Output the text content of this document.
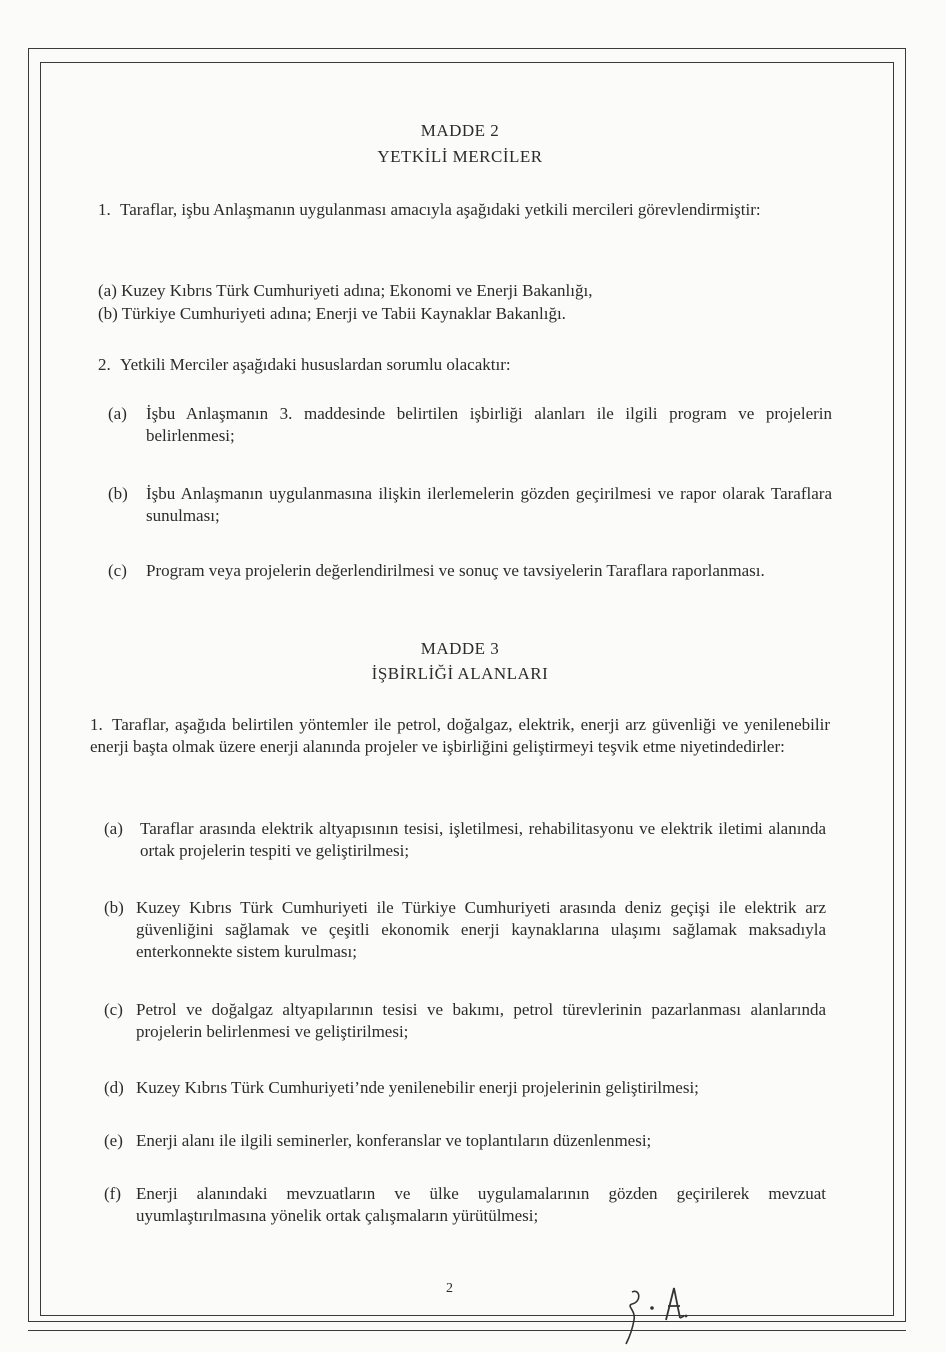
MADDE 2
YETKİLİ MERCİLER
1. Taraflar, işbu Anlaşmanın uygulanması amacıyla aşağıdaki yetkili mercileri görevlendirmiştir:
(a) Kuzey Kıbrıs Türk Cumhuriyeti adına; Ekonomi ve Enerji Bakanlığı,
(b) Türkiye Cumhuriyeti adına; Enerji ve Tabii Kaynaklar Bakanlığı.
2. Yetkili Merciler aşağıdaki hususlardan sorumlu olacaktır:
(a) İşbu Anlaşmanın 3. maddesinde belirtilen işbirliği alanları ile ilgili program ve projelerin belirlenmesi;
(b) İşbu Anlaşmanın uygulanmasına ilişkin ilerlemelerin gözden geçirilmesi ve rapor olarak Taraflara sunulması;
(c) Program veya projelerin değerlendirilmesi ve sonuç ve tavsiyelerin Taraflara raporlanması.
MADDE 3
İŞBİRLİĞİ ALANLARI
1. Taraflar, aşağıda belirtilen yöntemler ile petrol, doğalgaz, elektrik, enerji arz güvenliği ve yenilenebilir enerji başta olmak üzere enerji alanında projeler ve işbirliğini geliştirmeyi teşvik etme niyetindedirler:
(a) Taraflar arasında elektrik altyapısının tesisi, işletilmesi, rehabilitasyonu ve elektrik iletimi alanında ortak projelerin tespiti ve geliştirilmesi;
(b) Kuzey Kıbrıs Türk Cumhuriyeti ile Türkiye Cumhuriyeti arasında deniz geçişi ile elektrik arz güvenliğini sağlamak ve çeşitli ekonomik enerji kaynaklarına ulaşımı sağlamak maksadıyla enterkonnekte sistem kurulması;
(c) Petrol ve doğalgaz altyapılarının tesisi ve bakımı, petrol türevlerinin pazarlanması alanlarında projelerin belirlenmesi ve geliştirilmesi;
(d) Kuzey Kıbrıs Türk Cumhuriyeti’nde yenilenebilir enerji projelerinin geliştirilmesi;
(e) Enerji alanı ile ilgili seminerler, konferanslar ve toplantıların düzenlenmesi;
(f) Enerji alanındaki mevzuatların ve ülke uygulamalarının gözden geçirilerek mevzuat uyumlaştırılmasına yönelik ortak çalışmaların yürütülmesi;
2
